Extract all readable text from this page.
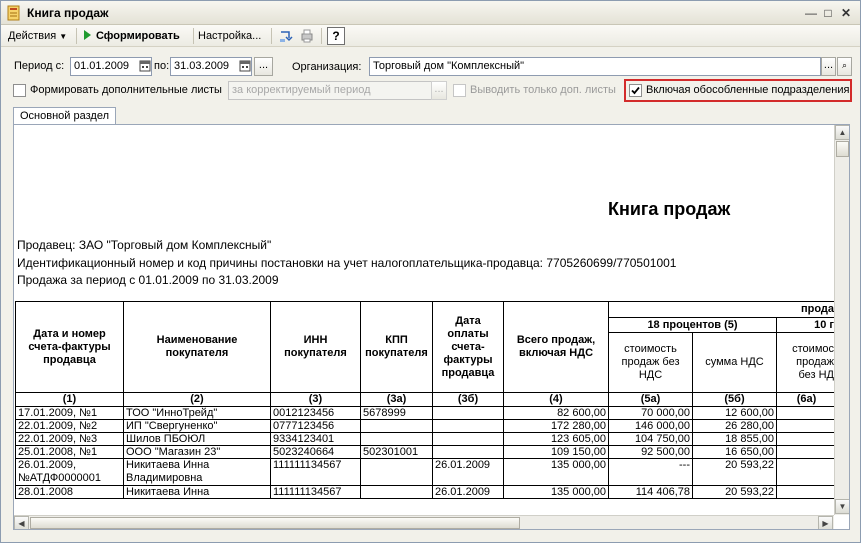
Книга продаж	— □ ✕
Действия ▼	Сформировать Настройка...	?
Период с: 01.01.2009	по: 31.03.2009	...	Организация:	Торговый дом "Комплексный"	... ⌕
Формировать дополнительные листы за корректируемый период	...	Выводить только доп. листы	Включая обособленные подразделения
Основной раздел
Книга продаж
Продавец: ЗАО "Торговый дом Комплексный"
Идентификационный номер и код причины постановки на учет налогоплательщика-продавца: 7705260699/770501001
Продажа за период с 01.01.2009 по 31.03.2009
Дата и номер счета-фактуры продавца	Наименование покупателя	ИНН покупателя	КПП покупателя	Дата оплаты счета-фактуры продавца	Всего продаж, включая НДС	прода		
						18 процентов (5)		10 г
						стоимость продаж без НДС	сумма НДС	стоимос продаж без НД
(1)	(2)	(3)	(3а)	(3б)	(4)	(5а)	(5б)	(6а)
17.01.2009, №1	ТОО "ИнноТрейд"	0012123456	5678999		82 600,00	70 000,00	12 600,00	
22.01.2009, №2	ИП "Свергуненко"	0777123456			172 280,00	146 000,00	26 280,00	
22.01.2009, №3	Шилов ПБОЮЛ	9334123401			123 605,00	104 750,00	18 855,00	
25.01.2008, №1	ООО "Магазин 23"	5023240664	502301001		109 150,00	92 500,00	16 650,00	
26.01.2009, №АТДФ0000001	Никитаева Инна Владимировна	111111134567		26.01.2009	135 000,00	---	20 593,22	
28.01.2008	Никитаева Инна	111111134567		26.01.2009	135 000,00	114 406,78	20 593,22	
▲
▼
◀	▶
